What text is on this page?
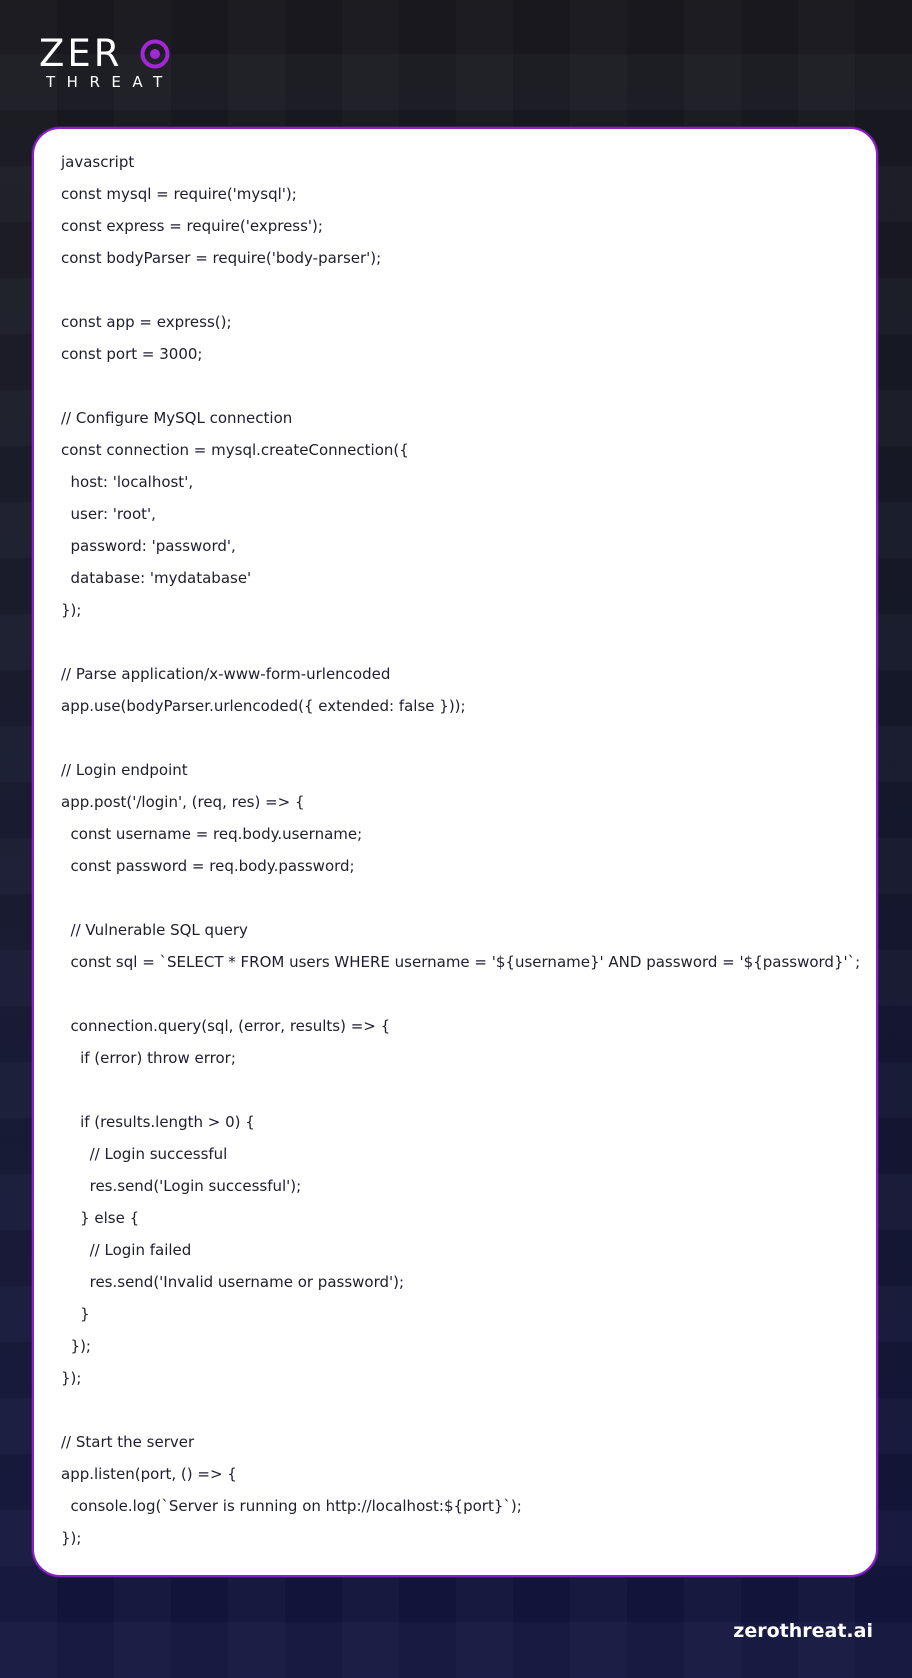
ZER
THREAT
javascript
const mysql = require('mysql');
const express = require('express');
const bodyParser = require('body-parser');
const app = express();
const port = 3000;
// Configure MySQL connection
const connection = mysql.createConnection({
host: 'localhost',
user: 'root',
password: 'password',
database: 'mydatabase'
});
// Parse application/x-www-form-urlencoded
app.use(bodyParser.urlencoded({ extended: false }));
// Login endpoint
app.post('/login', (req, res) => {
const username = req.body.username;
const password = req.body.password;
// Vulnerable SQL query
const sql = `SELECT * FROM users WHERE username = '${username}' AND password = '${password}'`;
connection.query(sql, (error, results) => {
if (error) throw error;
if (results.length > 0) {
// Login successful
res.send('Login successful');
} else {
// Login failed
res.send('Invalid username or password');
}
});
});
// Start the server
app.listen(port, () => {
console.log(`Server is running on http://localhost:${port}`);
});
zerothreat.ai
